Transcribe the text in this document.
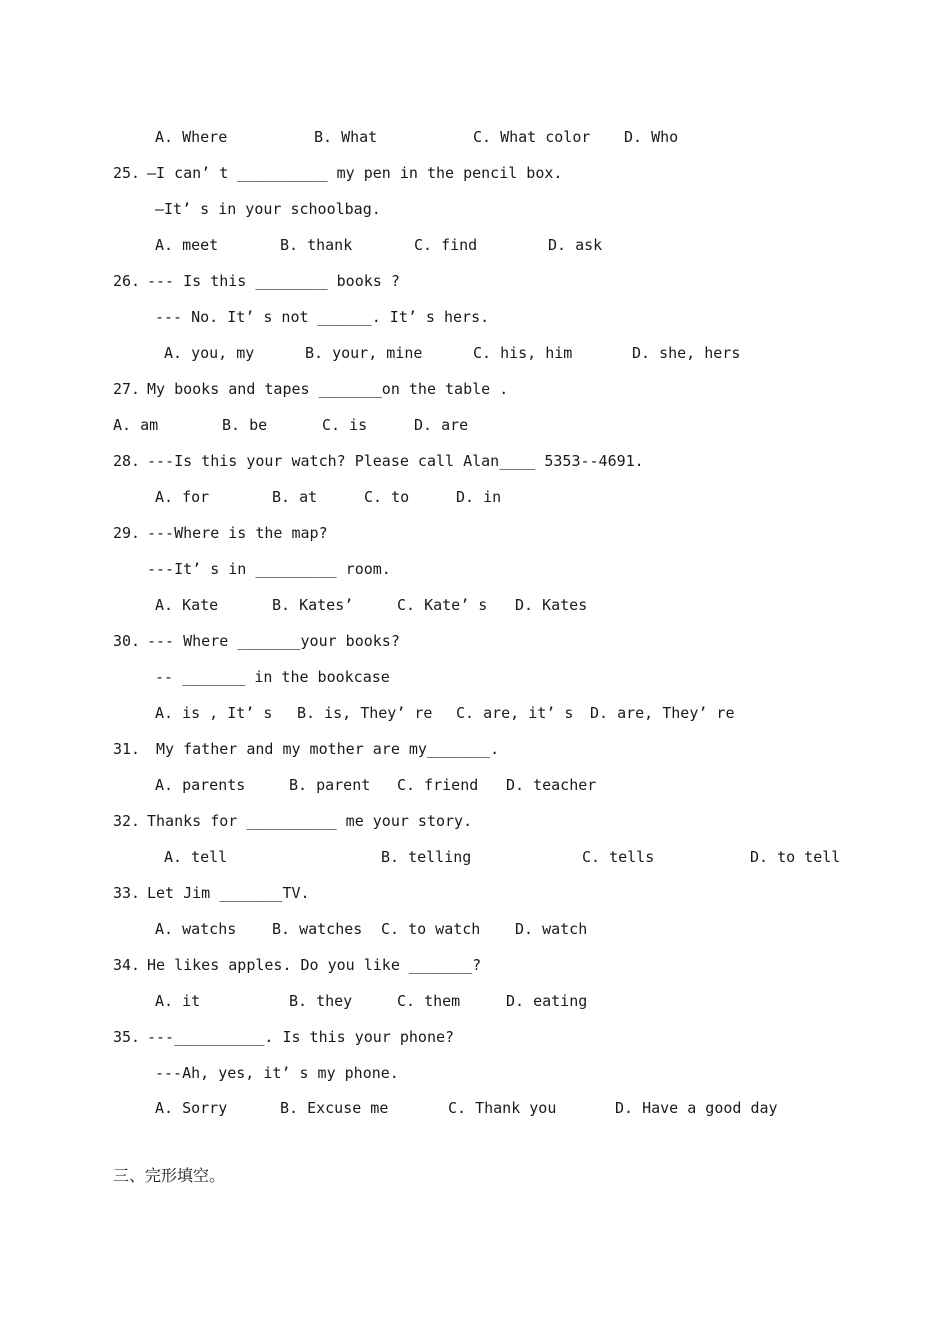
A. Where	B. What	C. What color D. Who
25. —I can’ t __________ my pen in the pencil box.
—It’ s in your schoolbag.
A. meet	B. thank	C. find	D. ask
26. --- Is this ________ books ?
--- No. It’ s not ______. It’ s hers.
A. you, my	B. your, mine	C. his, him	D. she, hers
27. My books and tapes _______on the table .
A. am	B. be	C. is	D. are
28. ---Is this your watch? Please call Alan____ 5353--4691.
A. for	B. at	C. to	D. in
29. ---Where is the map?
---It’ s in _________ room.
A. Kate	B. Kates’	C. Kate’ s D. Kates
30. --- Where _______your books?
-- _______ in the bookcase
A. is , It’ s B. is, They’ re C. are, it’ s D. are, They’ re
31. My father and my mother are my_______.
A. parents	B. parent C. friend D. teacher
32. Thanks for __________ me your story.
A. tell	B. telling	C. tells	D. to tell
33. Let Jim _______TV.
A. watchs B. watches C. to watch D. watch
34. He likes apples. Do you like _______?
A. it	B. they	C. them	D. eating
35. ---__________. Is this your phone?
---Ah, yes, it’ s my phone.
A. Sorry	B. Excuse me	C. Thank you	D. Have a good day
三、完形填空。
